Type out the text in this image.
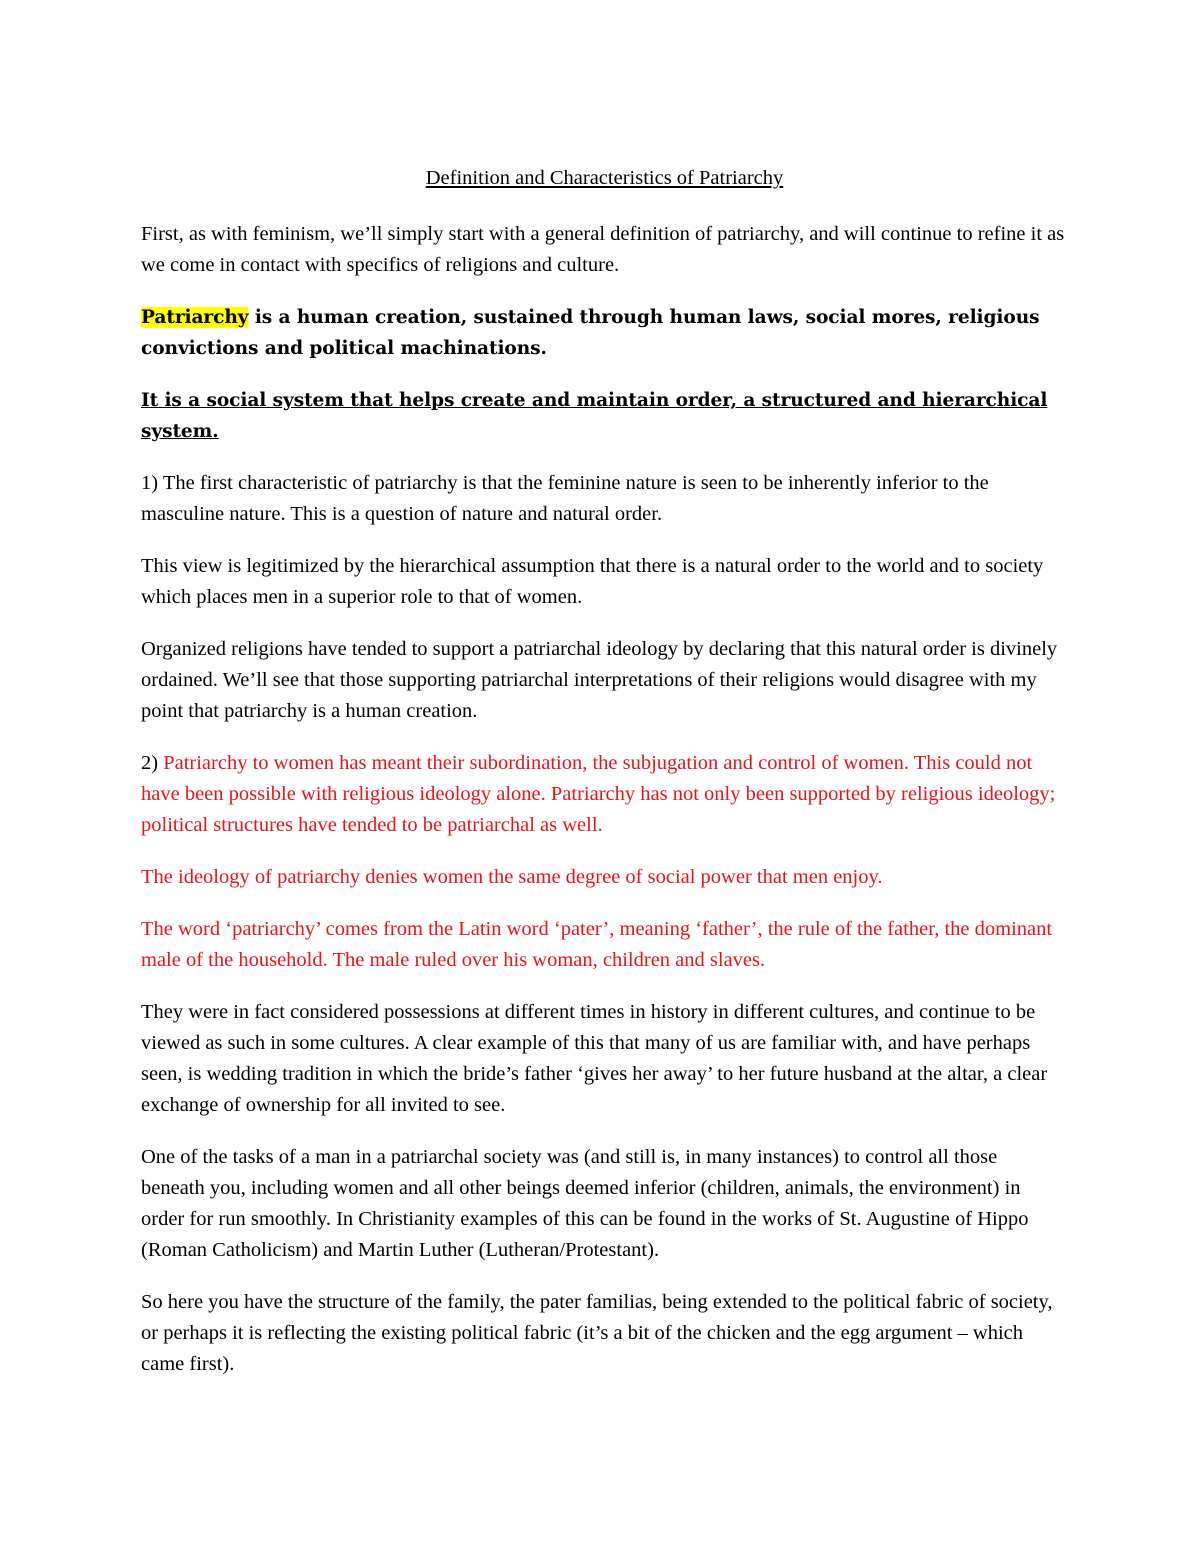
Definition and Characteristics of Patriarchy

First, as with feminism, we’ll simply start with a general definition of patriarchy, and will continue to refine it as we come in contact with specifics of religions and culture.

Patriarchy is a human creation, sustained through human laws, social mores, religious convictions and political machinations.

It is a social system that helps create and maintain order, a structured and hierarchical system.

1) The first characteristic of patriarchy is that the feminine nature is seen to be inherently inferior to the masculine nature. This is a question of nature and natural order.

This view is legitimized by the hierarchical assumption that there is a natural order to the world and to society which places men in a superior role to that of women.

Organized religions have tended to support a patriarchal ideology by declaring that this natural order is divinely ordained. We’ll see that those supporting patriarchal interpretations of their religions would disagree with my point that patriarchy is a human creation.

2) Patriarchy to women has meant their subordination, the subjugation and control of women. This could not have been possible with religious ideology alone. Patriarchy has not only been supported by religious ideology; political structures have tended to be patriarchal as well.

The ideology of patriarchy denies women the same degree of social power that men enjoy.

The word ‘patriarchy’ comes from the Latin word ‘pater’, meaning ‘father’, the rule of the father, the dominant male of the household. The male ruled over his woman, children and slaves.

They were in fact considered possessions at different times in history in different cultures, and continue to be viewed as such in some cultures. A clear example of this that many of us are familiar with, and have perhaps seen, is wedding tradition in which the bride’s father ‘gives her away’ to her future husband at the altar, a clear exchange of ownership for all invited to see.

One of the tasks of a man in a patriarchal society was (and still is, in many instances) to control all those beneath you, including women and all other beings deemed inferior (children, animals, the environment) in order for run smoothly. In Christianity examples of this can be found in the works of St. Augustine of Hippo (Roman Catholicism) and Martin Luther (Lutheran/Protestant).

So here you have the structure of the family, the pater familias, being extended to the political fabric of society, or perhaps it is reflecting the existing political fabric (it’s a bit of the chicken and the egg argument – which came first).
